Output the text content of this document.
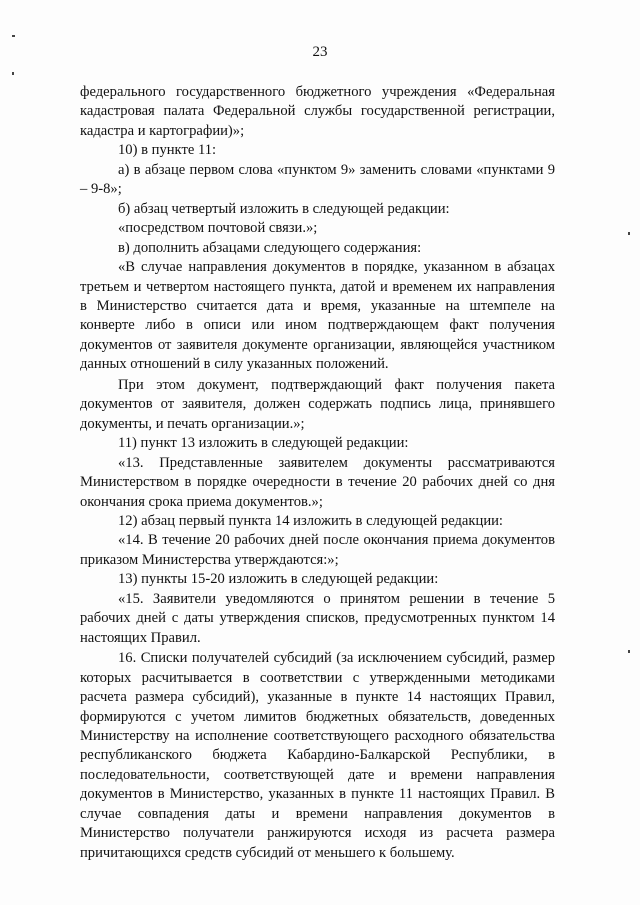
23

федерального государственного бюджетного учреждения «Федеральная кадастровая палата Федеральной службы государственной регистрации, кадастра и картографии)»;

10) в пункте 11:

а) в абзаце первом слова «пунктом 9» заменить словами «пунктами 9 – 9-8»;

б) абзац четвертый изложить в следующей редакции:

«посредством почтовой связи.»;

в) дополнить абзацами следующего содержания:

«В случае направления документов в порядке, указанном в абзацах третьем и четвертом настоящего пункта, датой и временем их направления в Министерство считается дата и время, указанные на штемпеле на конверте либо в описи или ином подтверждающем факт получения документов от заявителя документе организации, являющейся участником данных отношений в силу указанных положений.

При этом документ, подтверждающий факт получения пакета документов от заявителя, должен содержать подпись лица, принявшего документы, и печать организации.»;

11) пункт 13 изложить в следующей редакции:

«13. Представленные заявителем документы рассматриваются Министерством в порядке очередности в течение 20 рабочих дней со дня окончания срока приема документов.»;

12) абзац первый пункта 14 изложить в следующей редакции:

«14. В течение 20 рабочих дней после окончания приема документов приказом Министерства утверждаются:»;

13) пункты 15-20 изложить в следующей редакции:

«15. Заявители уведомляются о принятом решении в течение 5 рабочих дней с даты утверждения списков, предусмотренных пунктом 14 настоящих Правил.

16. Списки получателей субсидий (за исключением субсидий, размер которых расчитывается в соответствии с утвержденными методиками расчета размера субсидий), указанные в пункте 14 настоящих Правил, формируются с учетом лимитов бюджетных обязательств, доведенных Министерству на исполнение соответствующего расходного обязательства республиканского бюджета Кабардино-Балкарской Республики, в последовательности, соответствующей дате и времени направления документов в Министерство, указанных в пункте 11 настоящих Правил. В случае совпадения даты и времени направления документов в Министерство получатели ранжируются исходя из расчета размера причитающихся средств субсидий от меньшего к большему.
